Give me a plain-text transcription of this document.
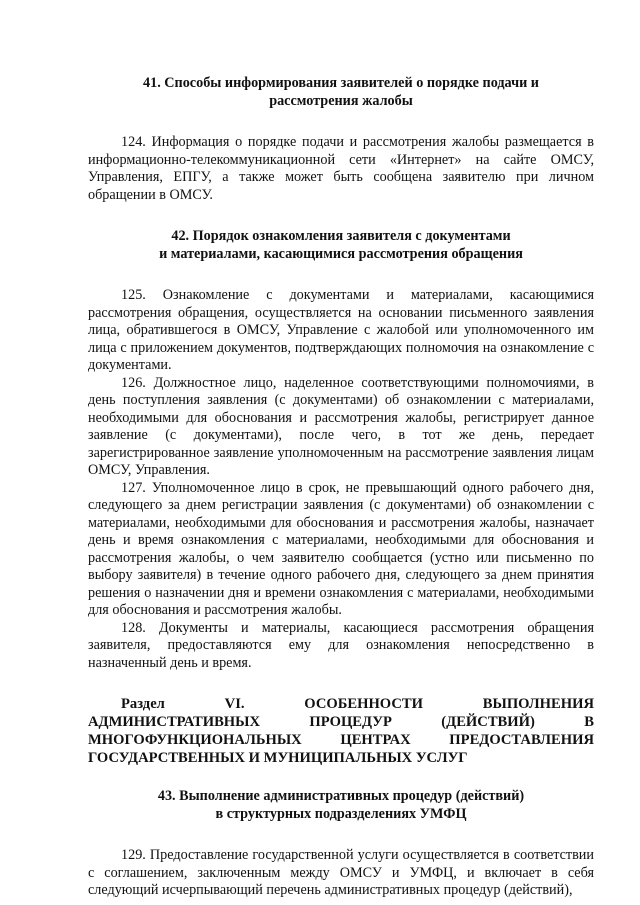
41. Способы информирования заявителей о порядке подачи и
рассмотрения жалобы

124. Информация о порядке подачи и рассмотрения жалобы размещается в информационно-телекоммуникационной сети «Интернет» на сайте ОМСУ, Управления, ЕПГУ, а также может быть сообщена заявителю при личном обращении в ОМСУ.

42. Порядок ознакомления заявителя с документами
и материалами, касающимися рассмотрения обращения

125. Ознакомление с документами и материалами, касающимися рассмотрения обращения, осуществляется на основании письменного заявления лица, обратившегося в ОМСУ, Управление с жалобой или уполномоченного им лица с приложением документов, подтверждающих полномочия на ознакомление с документами.

126. Должностное лицо, наделенное соответствующими полномочиями, в день поступления заявления (с документами) об ознакомлении с материалами, необходимыми для обоснования и рассмотрения жалобы, регистрирует данное заявление (с документами), после чего, в тот же день, передает зарегистрированное заявление уполномоченным на рассмотрение заявления лицам ОМСУ, Управления.

127. Уполномоченное лицо в срок, не превышающий одного рабочего дня, следующего за днем регистрации заявления (с документами) об ознакомлении с материалами, необходимыми для обоснования и рассмотрения жалобы, назначает день и время ознакомления с материалами, необходимыми для обоснования и рассмотрения жалобы, о чем заявителю сообщается (устно или письменно по выбору заявителя) в течение одного рабочего дня, следующего за днем принятия решения о назначении дня и времени ознакомления с материалами, необходимыми для обоснования и рассмотрения жалобы.

128. Документы и материалы, касающиеся рассмотрения обращения заявителя, предоставляются ему для ознакомления непосредственно в назначенный день и время.

Раздел VI. ОСОБЕННОСТИ ВЫПОЛНЕНИЯ АДМИНИСТРАТИВНЫХ ПРОЦЕДУР (ДЕЙСТВИЙ) В МНОГОФУНКЦИОНАЛЬНЫХ ЦЕНТРАХ ПРЕДОСТАВЛЕНИЯ ГОСУДАРСТВЕННЫХ И МУНИЦИПАЛЬНЫХ УСЛУГ
43. Выполнение административных процедур (действий)
в структурных подразделениях УМФЦ

129. Предоставление государственной услуги осуществляется в соответствии с соглашением, заключенным между ОМСУ и УМФЦ, и включает в себя следующий исчерпывающий перечень административных процедур (действий),
